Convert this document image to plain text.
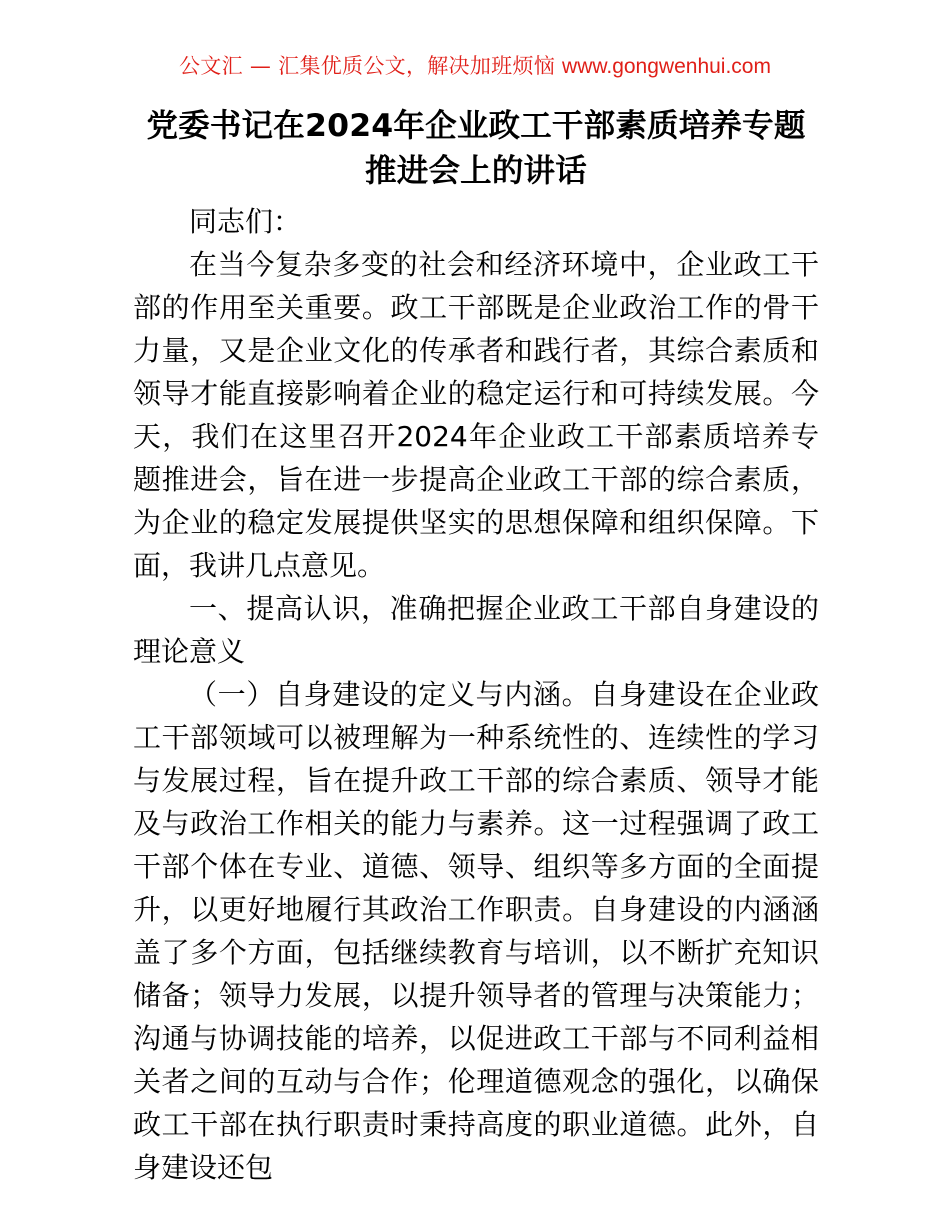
公文汇 — 汇集优质公文，解决加班烦恼 www.gongwenhui.com
党委书记在2024年企业政工干部素质培养专题推进会上的讲话

同志们：

在当今复杂多变的社会和经济环境中，企业政工干部的作用至关重要。政工干部既是企业政治工作的骨干力量，又是企业文化的传承者和践行者，其综合素质和领导才能直接影响着企业的稳定运行和可持续发展。今天，我们在这里召开2024年企业政工干部素质培养专题推进会，旨在进一步提高企业政工干部的综合素质，为企业的稳定发展提供坚实的思想保障和组织保障。下面，我讲几点意见。

一、提高认识，准确把握企业政工干部自身建设的理论意义

（一）自身建设的定义与内涵。自身建设在企业政工干部领域可以被理解为一种系统性的、连续性的学习与发展过程，旨在提升政工干部的综合素质、领导才能及与政治工作相关的能力与素养。这一过程强调了政工干部个体在专业、道德、领导、组织等多方面的全面提升，以更好地履行其政治工作职责。自身建设的内涵涵盖了多个方面，包括继续教育与培训，以不断扩充知识储备；领导力发展，以提升领导者的管理与决策能力；沟通与协调技能的培养，以促进政工干部与不同利益相关者之间的互动与合作；伦理道德观念的强化，以确保政工干部在执行职责时秉持高度的职业道德。此外，自身建设还包
